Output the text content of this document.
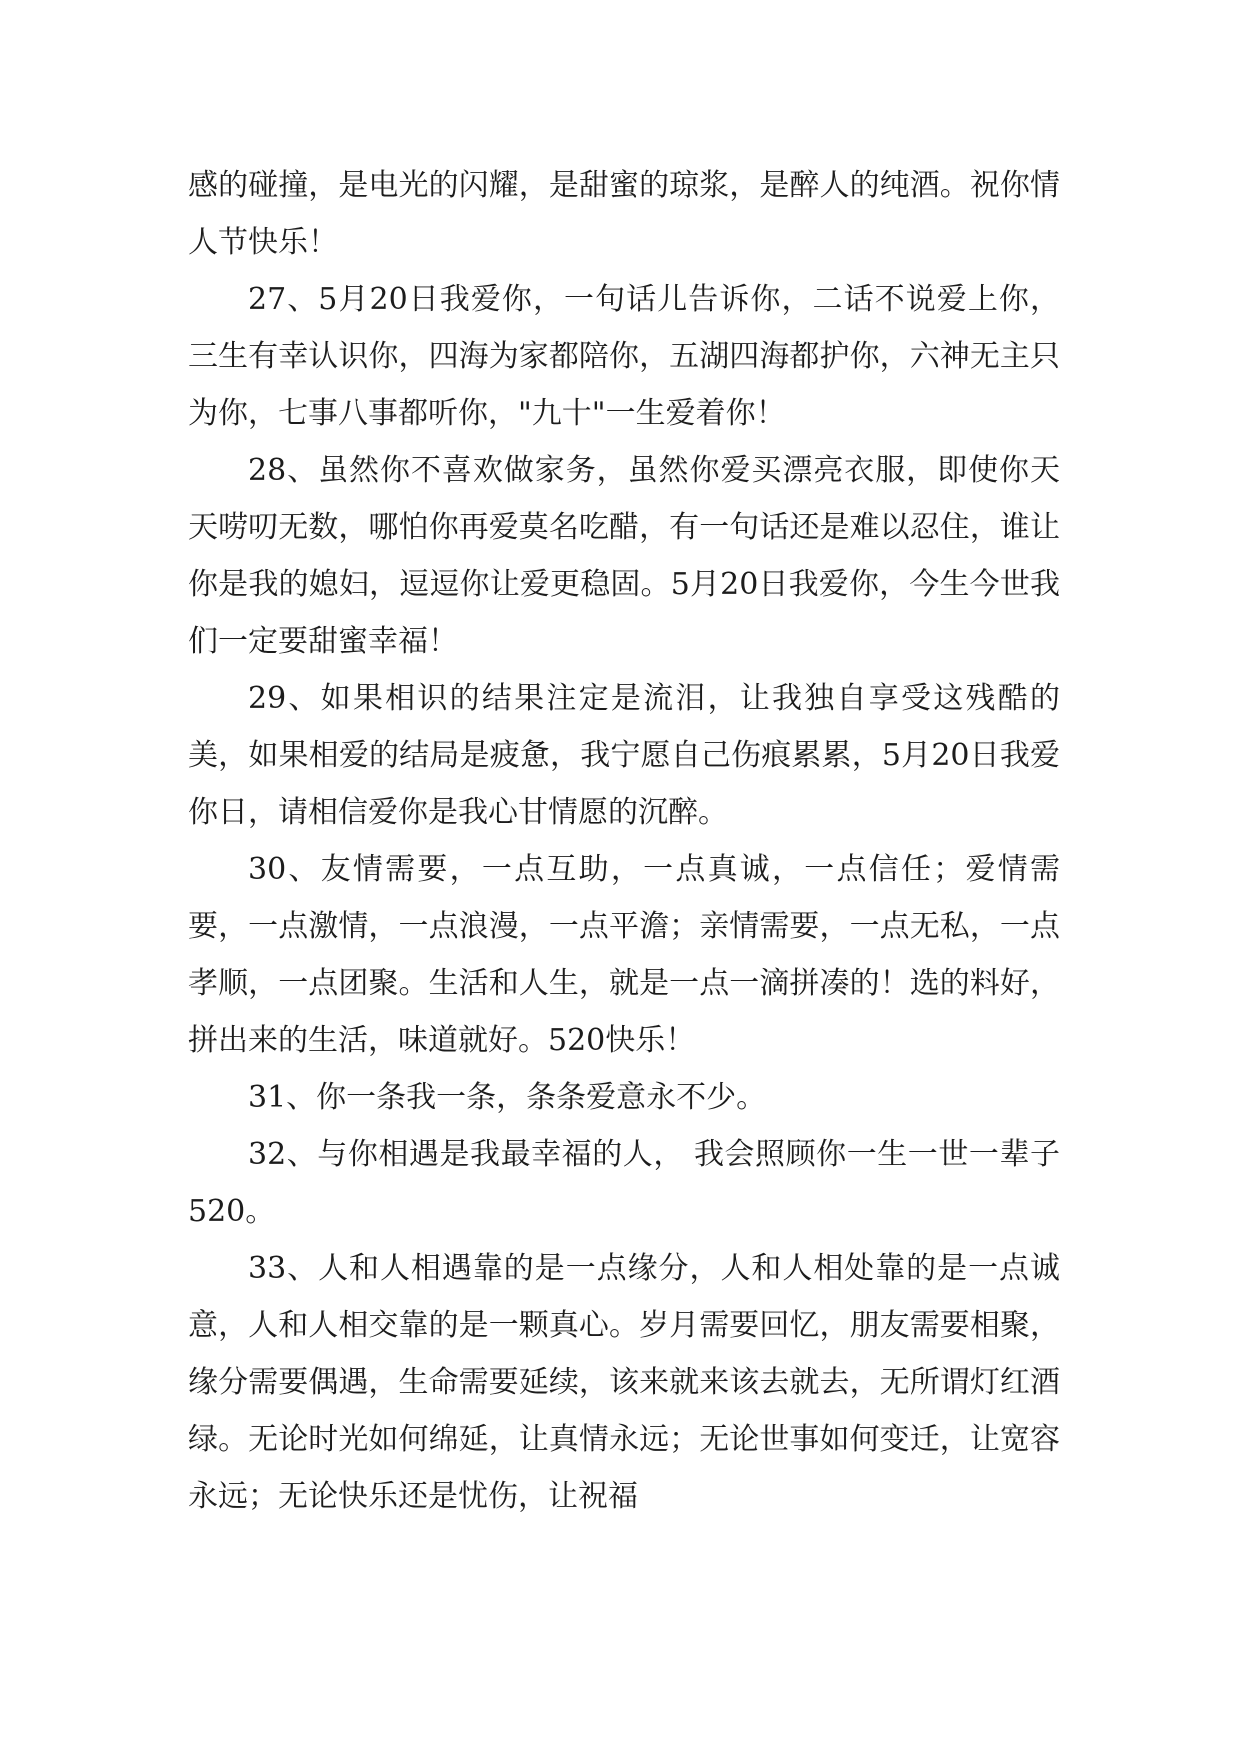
感的碰撞，是电光的闪耀，是甜蜜的琼浆，是醉人的纯酒。祝你情人节快乐！

27、5月20日我爱你，一句话儿告诉你，二话不说爱上你，三生有幸认识你，四海为家都陪你，五湖四海都护你，六神无主只为你，七事八事都听你，"九十"一生爱着你！

28、虽然你不喜欢做家务，虽然你爱买漂亮衣服，即使你天天唠叨无数，哪怕你再爱莫名吃醋，有一句话还是难以忍住，谁让你是我的媳妇，逗逗你让爱更稳固。5月20日我爱你，今生今世我们一定要甜蜜幸福！

29、如果相识的结果注定是流泪，让我独自享受这残酷的美，如果相爱的结局是疲惫，我宁愿自己伤痕累累，5月20日我爱你日，请相信爱你是我心甘情愿的沉醉。

30、友情需要，一点互助，一点真诚，一点信任；爱情需要，一点激情，一点浪漫，一点平澹；亲情需要，一点无私，一点孝顺，一点团聚。生活和人生，就是一点一滴拼凑的！选的料好，拼出来的生活，味道就好。520快乐！

31、你一条我一条，条条爱意永不少。

32、与你相遇是我最幸福的人， 我会照顾你一生一世一辈子 520。

33、人和人相遇靠的是一点缘分，人和人相处靠的是一点诚意，人和人相交靠的是一颗真心。岁月需要回忆，朋友需要相聚，缘分需要偶遇，生命需要延续，该来就来该去就去，无所谓灯红酒绿。无论时光如何绵延，让真情永远；无论世事如何变迁，让宽容永远；无论快乐还是忧伤，让祝福
